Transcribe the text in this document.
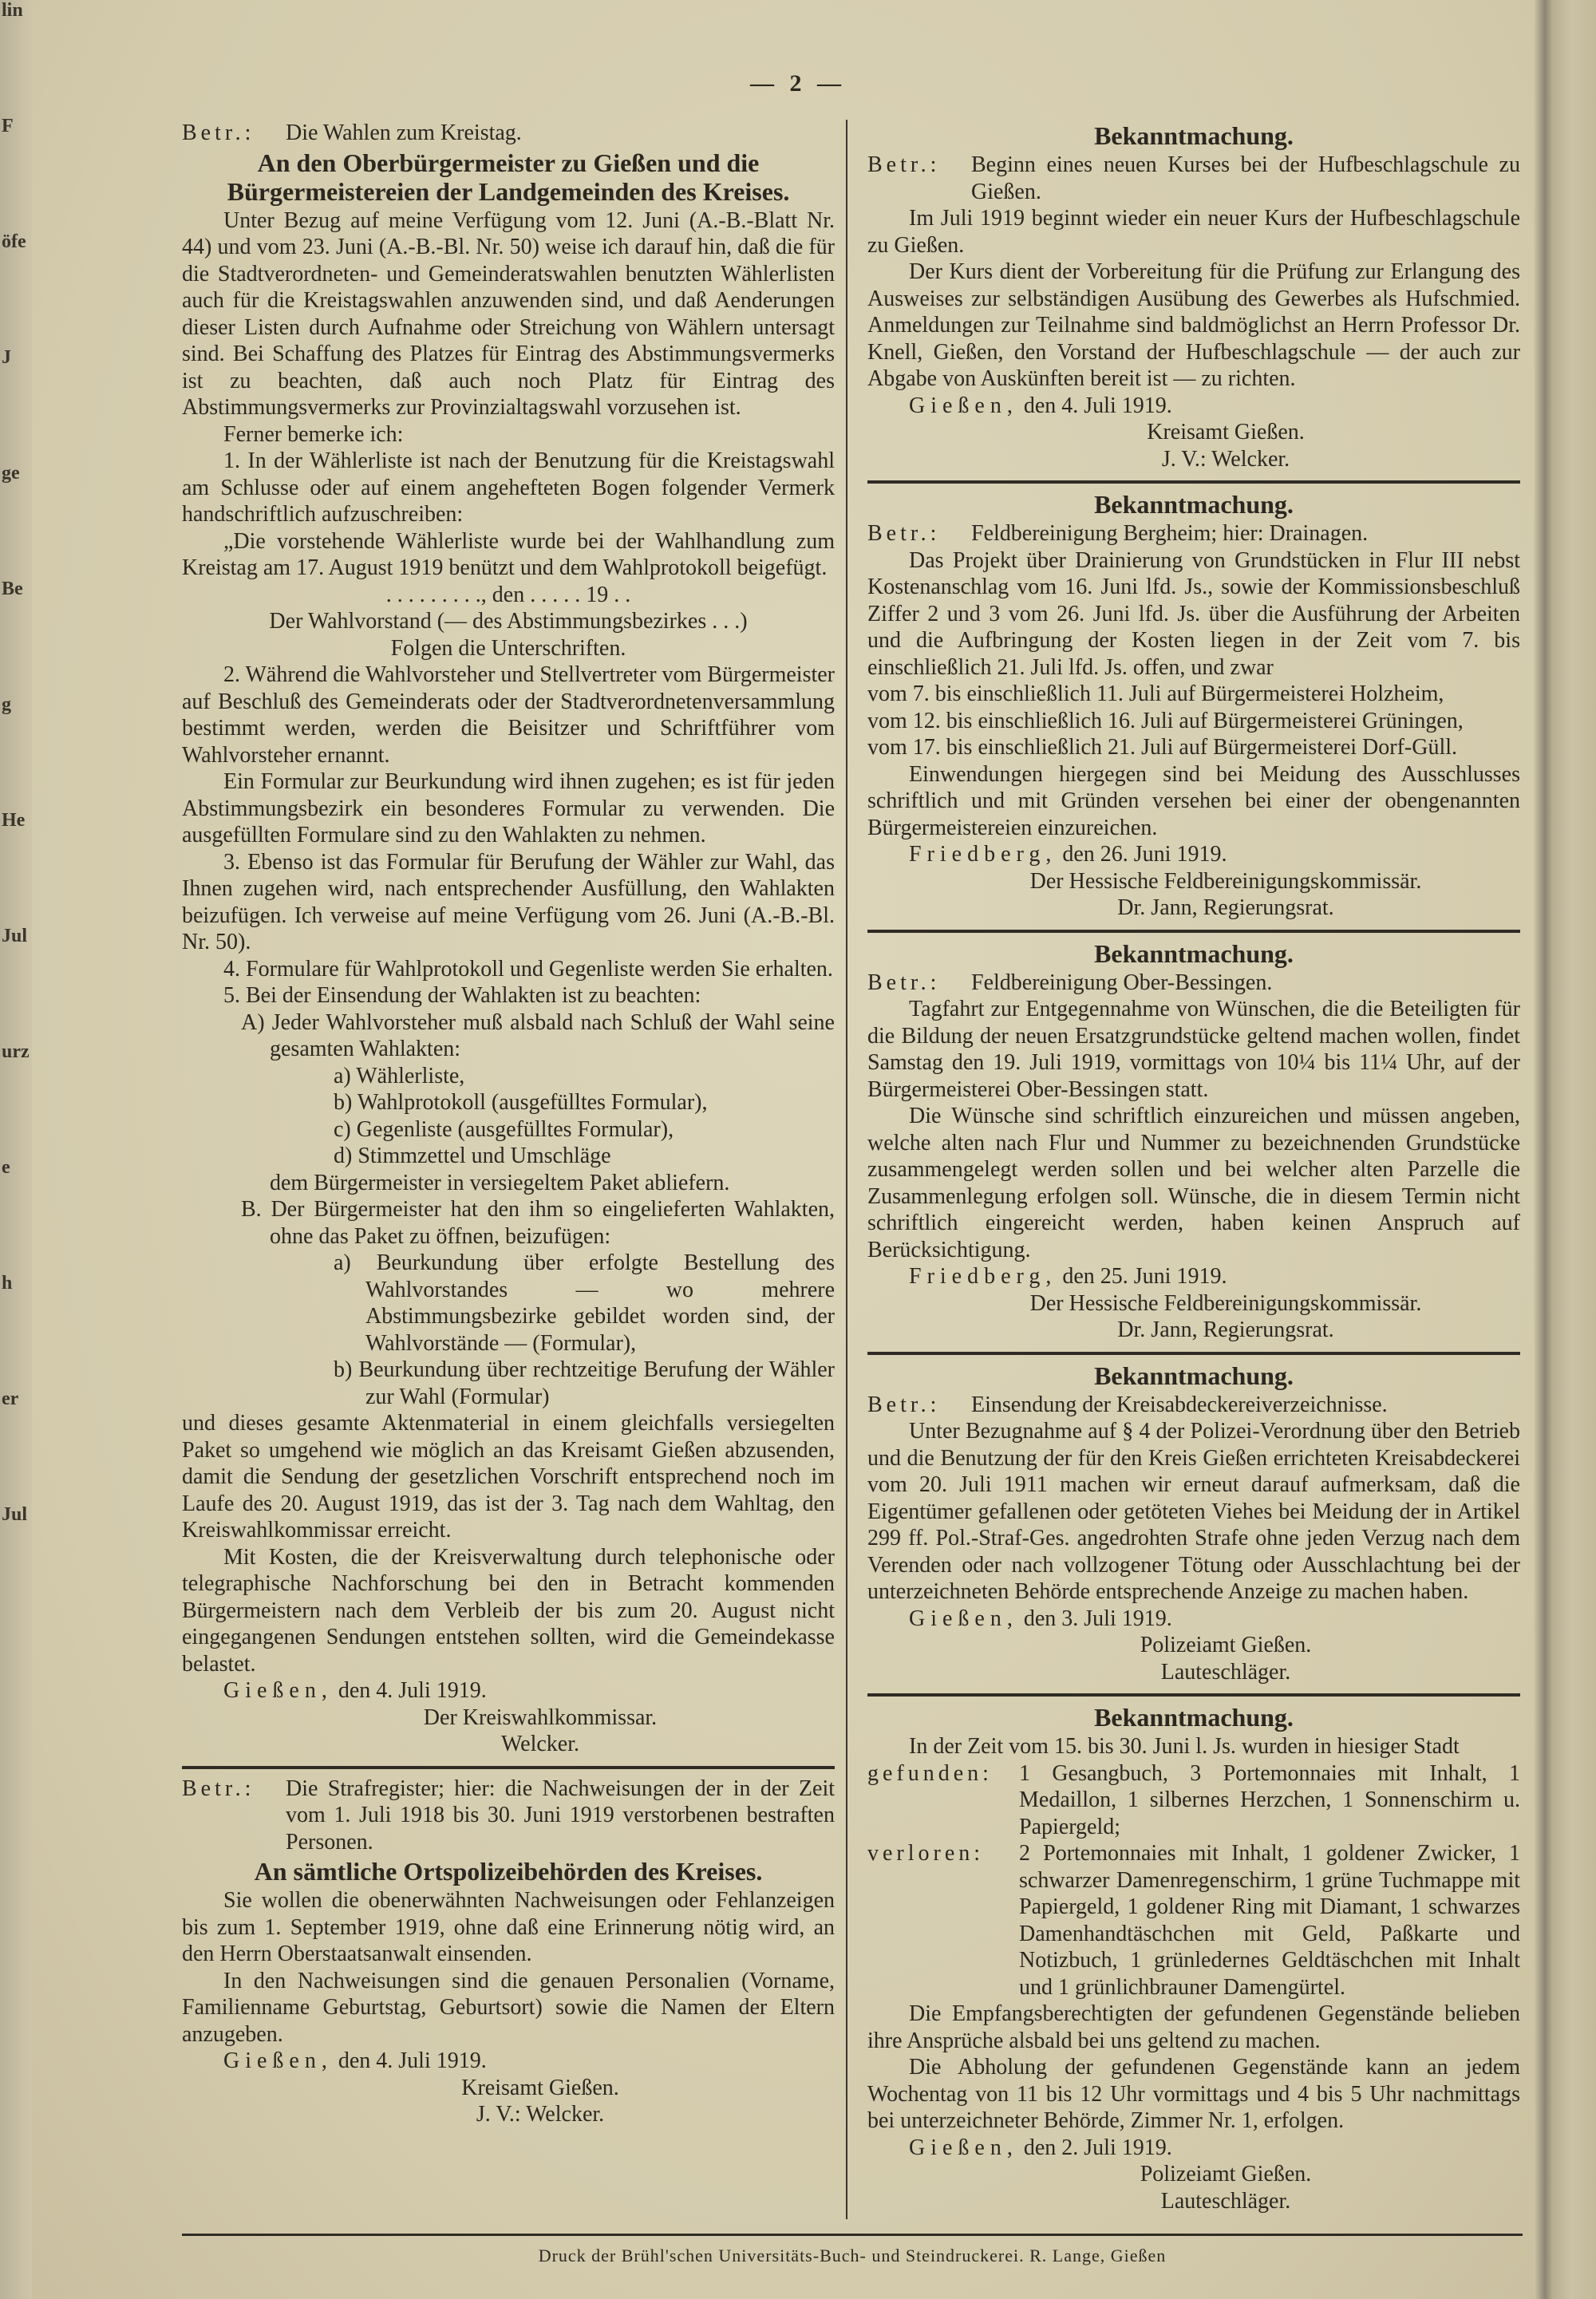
lin
F
öfe
J
ge
Be
g
He
Jul
urz
e
h
er
Jul
— 2 —
Betr.: Die Wahlen zum Kreistag.
An den Oberbürgermeister zu Gießen und die Bürgermeistereien der Landgemeinden des Kreises.

Unter Bezug auf meine Verfügung vom 12. Juni (A.-B.-Blatt Nr. 44) und vom 23. Juni (A.-B.-Bl. Nr. 50) weise ich darauf hin, daß die für die Stadtverordneten- und Gemeinderatswahlen benutzten Wählerlisten auch für die Kreistagswahlen anzuwenden sind, und daß Aenderungen dieser Listen durch Aufnahme oder Streichung von Wählern untersagt sind. Bei Schaffung des Platzes für Eintrag des Abstimmungsvermerks ist zu beachten, daß auch noch Platz für Eintrag des Abstimmungsvermerks zur Provinzialtagswahl vorzusehen ist.

Ferner bemerke ich:

1. In der Wählerliste ist nach der Benutzung für die Kreistagswahl am Schlusse oder auf einem angehefteten Bogen folgender Vermerk handschriftlich aufzuschreiben:

„Die vorstehende Wählerliste wurde bei der Wahlhandlung zum Kreistag am 17. August 1919 benützt und dem Wahlprotokoll beigefügt.

. . . . . . . . ., den . . . . . 19 . .
Der Wahlvorstand (— des Abstimmungsbezirkes . . .)
Folgen die Unterschriften.

2. Während die Wahlvorsteher und Stellvertreter vom Bürgermeister auf Beschluß des Gemeinderats oder der Stadtverordnetenversammlung bestimmt werden, werden die Beisitzer und Schriftführer vom Wahlvorsteher ernannt.

Ein Formular zur Beurkundung wird ihnen zugehen; es ist für jeden Abstimmungsbezirk ein besonderes Formular zu verwenden. Die ausgefüllten Formulare sind zu den Wahlakten zu nehmen.

3. Ebenso ist das Formular für Berufung der Wähler zur Wahl, das Ihnen zugehen wird, nach entsprechender Ausfüllung, den Wahlakten beizufügen. Ich verweise auf meine Verfügung vom 26. Juni (A.-B.-Bl. Nr. 50).

4. Formulare für Wahlprotokoll und Gegenliste werden Sie erhalten.

5. Bei der Einsendung der Wahlakten ist zu beachten:

A) Jeder Wahlvorsteher muß alsbald nach Schluß der Wahl seine gesamten Wahlakten:
a) Wählerliste,
b) Wahlprotokoll (ausgefülltes Formular),
c) Gegenliste (ausgefülltes Formular),
d) Stimmzettel und Umschläge
dem Bürgermeister in versiegeltem Paket abliefern.
B. Der Bürgermeister hat den ihm so eingelieferten Wahlakten, ohne das Paket zu öffnen, beizufügen:
a) Beurkundung über erfolgte Bestellung des Wahlvorstandes — wo mehrere Abstimmungsbezirke gebildet worden sind, der Wahlvorstände — (Formular),
b) Beurkundung über rechtzeitige Berufung der Wähler zur Wahl (Formular)

und dieses gesamte Aktenmaterial in einem gleichfalls versiegelten Paket so umgehend wie möglich an das Kreisamt Gießen abzusenden, damit die Sendung der gesetzlichen Vorschrift entsprechend noch im Laufe des 20. August 1919, das ist der 3. Tag nach dem Wahltag, den Kreiswahlkommissar erreicht.

Mit Kosten, die der Kreisverwaltung durch telephonische oder telegraphische Nachforschung bei den in Betracht kommenden Bürgermeistern nach dem Verbleib der bis zum 20. August nicht eingegangenen Sendungen entstehen sollten, wird die Gemeindekasse belastet.

Gießen, den 4. Juli 1919.
Der Kreiswahlkommissar.
Welcker.
Betr.: Die Strafregister; hier: die Nachweisungen der in der Zeit vom 1. Juli 1918 bis 30. Juni 1919 verstorbenen bestraften Personen.
An sämtliche Ortspolizeibehörden des Kreises.

Sie wollen die obenerwähnten Nachweisungen oder Fehlanzeigen bis zum 1. September 1919, ohne daß eine Erinnerung nötig wird, an den Herrn Oberstaatsanwalt einsenden.

In den Nachweisungen sind die genauen Personalien (Vorname, Familienname Geburtstag, Geburtsort) sowie die Namen der Eltern anzugeben.

Gießen, den 4. Juli 1919.
Kreisamt Gießen.
J. V.: Welcker.
Bekanntmachung.
Betr.: Beginn eines neuen Kurses bei der Hufbeschlagschule zu Gießen.

Im Juli 1919 beginnt wieder ein neuer Kurs der Hufbeschlagschule zu Gießen.

Der Kurs dient der Vorbereitung für die Prüfung zur Erlangung des Ausweises zur selbständigen Ausübung des Gewerbes als Hufschmied. Anmeldungen zur Teilnahme sind baldmöglichst an Herrn Professor Dr. Knell, Gießen, den Vorstand der Hufbeschlagschule — der auch zur Abgabe von Auskünften bereit ist — zu richten.

Gießen, den 4. Juli 1919.
Kreisamt Gießen.
J. V.: Welcker.
Bekanntmachung.
Betr.: Feldbereinigung Bergheim; hier: Drainagen.

Das Projekt über Drainierung von Grundstücken in Flur III nebst Kostenanschlag vom 16. Juni lfd. Js., sowie der Kommissionsbeschluß Ziffer 2 und 3 vom 26. Juni lfd. Js. über die Ausführung der Arbeiten und die Aufbringung der Kosten liegen in der Zeit vom 7. bis einschließlich 21. Juli lfd. Js. offen, und zwar

vom 7. bis einschließlich 11. Juli auf Bürgermeisterei Holzheim,

vom 12. bis einschließlich 16. Juli auf Bürgermeisterei Grüningen,

vom 17. bis einschließlich 21. Juli auf Bürgermeisterei Dorf-Güll.

Einwendungen hiergegen sind bei Meidung des Ausschlusses schriftlich und mit Gründen versehen bei einer der obengenannten Bürgermeistereien einzureichen.

Friedberg, den 26. Juni 1919.
Der Hessische Feldbereinigungskommissär.
Dr. Jann, Regierungsrat.
Bekanntmachung.
Betr.: Feldbereinigung Ober-Bessingen.

Tagfahrt zur Entgegennahme von Wünschen, die die Beteiligten für die Bildung der neuen Ersatzgrundstücke geltend machen wollen, findet Samstag den 19. Juli 1919, vormittags von 10¼ bis 11¼ Uhr, auf der Bürgermeisterei Ober-Bessingen statt.

Die Wünsche sind schriftlich einzureichen und müssen angeben, welche alten nach Flur und Nummer zu bezeichnenden Grundstücke zusammengelegt werden sollen und bei welcher alten Parzelle die Zusammenlegung erfolgen soll. Wünsche, die in diesem Termin nicht schriftlich eingereicht werden, haben keinen Anspruch auf Berücksichtigung.

Friedberg, den 25. Juni 1919.
Der Hessische Feldbereinigungskommissär.
Dr. Jann, Regierungsrat.
Bekanntmachung.
Betr.: Einsendung der Kreisabdeckereiverzeichnisse.

Unter Bezugnahme auf § 4 der Polizei-Verordnung über den Betrieb und die Benutzung der für den Kreis Gießen errichteten Kreisabdeckerei vom 20. Juli 1911 machen wir erneut darauf aufmerksam, daß die Eigentümer gefallenen oder getöteten Viehes bei Meidung der in Artikel 299 ff. Pol.-Straf-Ges. angedrohten Strafe ohne jeden Verzug nach dem Verenden oder nach vollzogener Tötung oder Ausschlachtung bei der unterzeichneten Behörde entsprechende Anzeige zu machen haben.

Gießen, den 3. Juli 1919.
Polizeiamt Gießen.
Lauteschläger.
Bekanntmachung.

In der Zeit vom 15. bis 30. Juni l. Js. wurden in hiesiger Stadt

gefunden: 1 Gesangbuch, 3 Portemonnaies mit Inhalt, 1 Medaillon, 1 silbernes Herzchen, 1 Sonnenschirm u. Papiergeld;
verloren: 2 Portemonnaies mit Inhalt, 1 goldener Zwicker, 1 schwarzer Damenregenschirm, 1 grüne Tuchmappe mit Papiergeld, 1 goldener Ring mit Diamant, 1 schwarzes Damenhandtäschchen mit Geld, Paßkarte und Notizbuch, 1 grünledernes Geldtäschchen mit Inhalt und 1 grünlichbrauner Damengürtel.

Die Empfangsberechtigten der gefundenen Gegenstände belieben ihre Ansprüche alsbald bei uns geltend zu machen.

Die Abholung der gefundenen Gegenstände kann an jedem Wochentag von 11 bis 12 Uhr vormittags und 4 bis 5 Uhr nachmittags bei unterzeichneter Behörde, Zimmer Nr. 1, erfolgen.

Gießen, den 2. Juli 1919.
Polizeiamt Gießen.
Lauteschläger.
Druck der Brühl'schen Universitäts-Buch- und Steindruckerei. R. Lange, Gießen
